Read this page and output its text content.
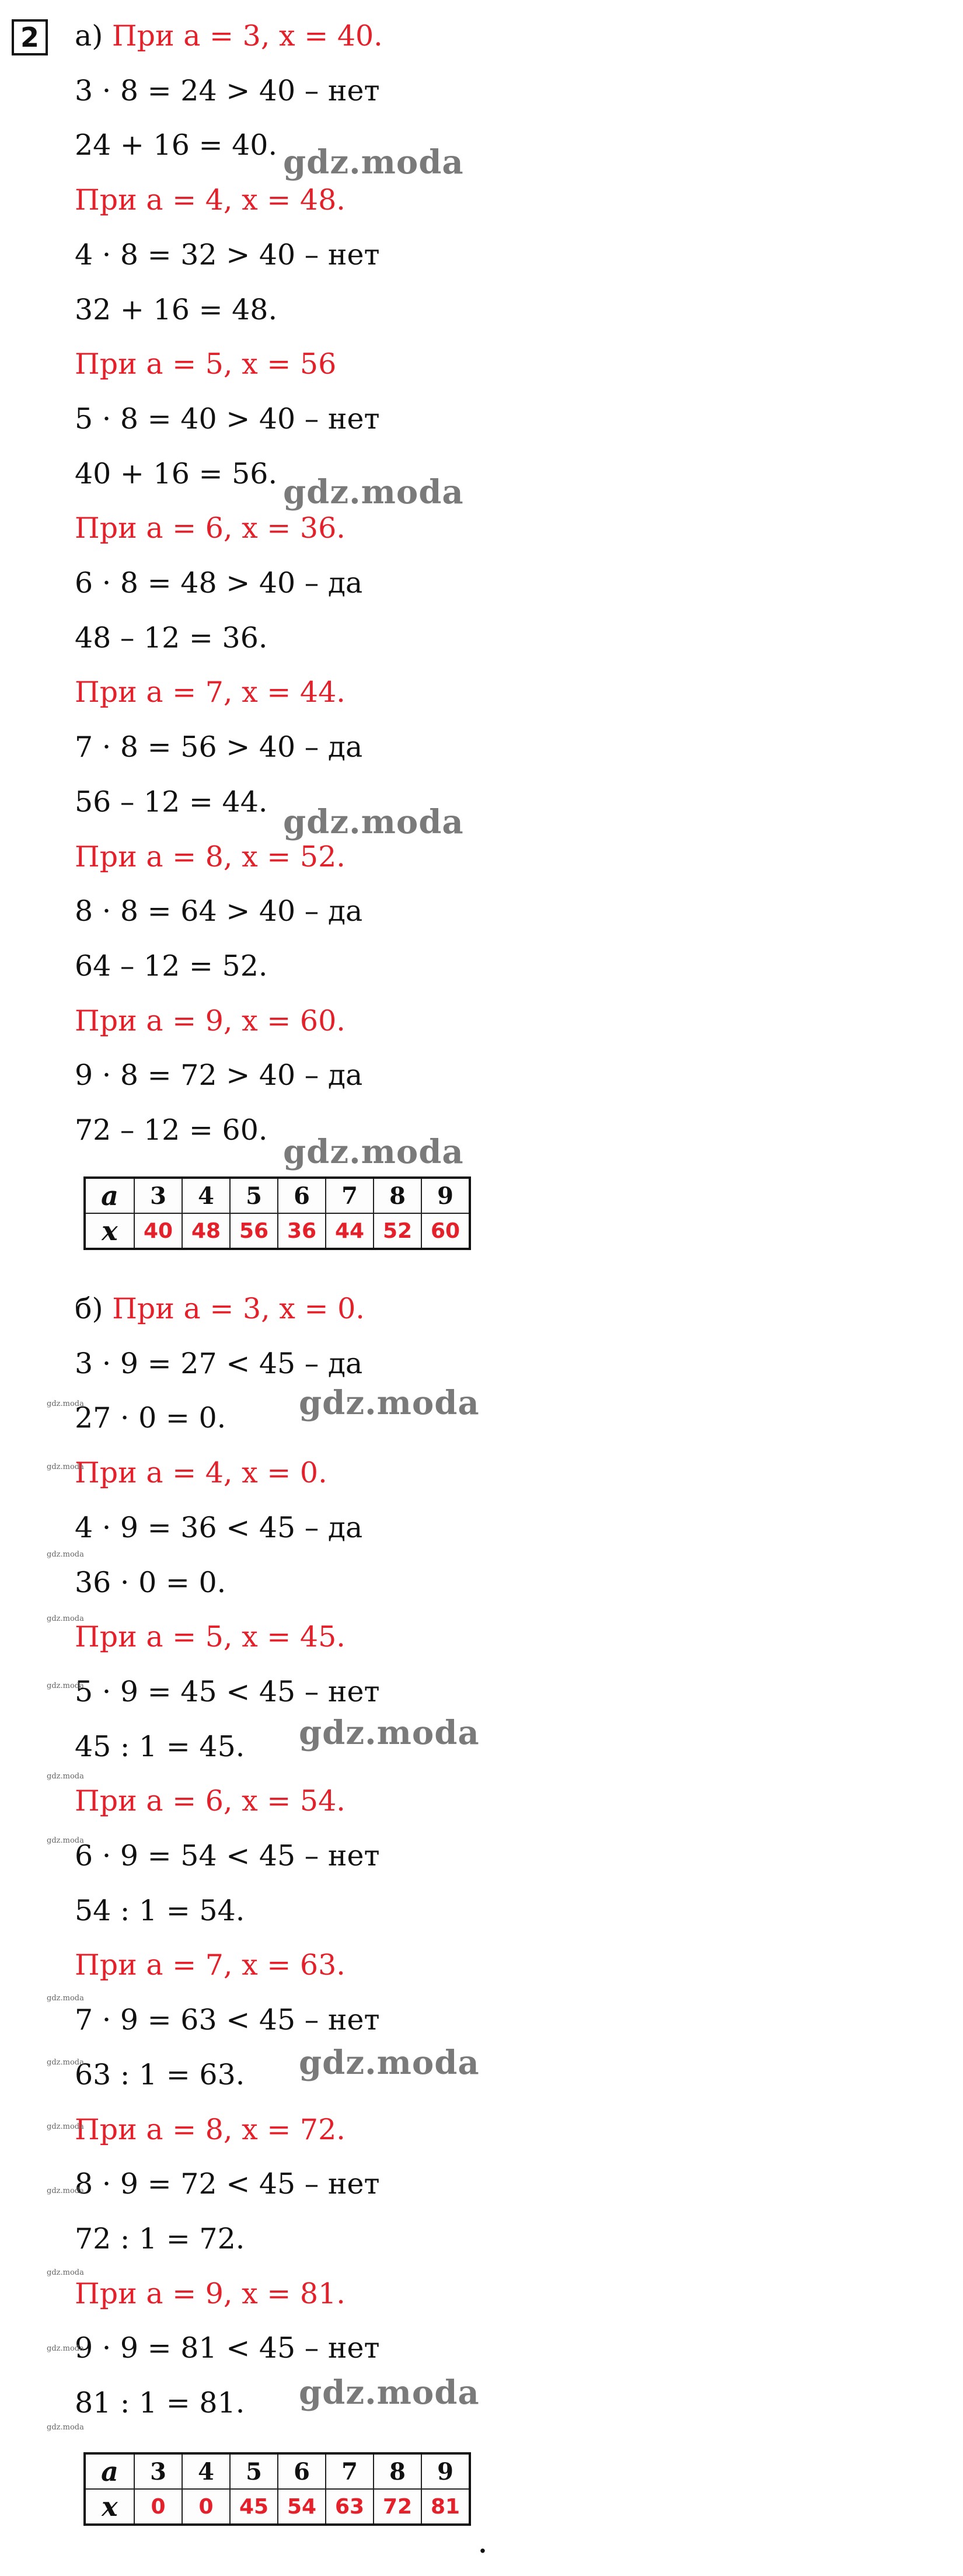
2	а) При a = 3, x = 40.
3 · 8 = 24 > 40 – нет
24 + 16 = 40.
При a = 4, x = 48.
4 · 8 = 32 > 40 – нет
32 + 16 = 48.
При a = 5, x = 56
5 · 8 = 40 > 40 – нет
40 + 16 = 56.
При a = 6, x = 36.
6 · 8 = 48 > 40 – да
48 – 12 = 36.
При a = 7, x = 44.
7 · 8 = 56 > 40 – да
56 – 12 = 44.
При a = 8, x = 52.
8 · 8 = 64 > 40 – да
64 – 12 = 52.
При a = 9, x = 60.
9 · 8 = 72 > 40 – да
72 – 12 = 60.
б) При a = 3, x = 0.
3 · 9 = 27 < 45 – да
27 · 0 = 0.
При a = 4, x = 0.
4 · 9 = 36 < 45 – да
36 · 0 = 0.
При a = 5, x = 45.
5 · 9 = 45 < 45 – нет
45 : 1 = 45.
При a = 6, x = 54.
6 · 9 = 54 < 45 – нет
54 : 1 = 54.
При a = 7, x = 63.
7 · 9 = 63 < 45 – нет
63 : 1 = 63.
При a = 8, x = 72.
8 · 9 = 72 < 45 – нет
72 : 1 = 72.
При a = 9, x = 81.
9 · 9 = 81 < 45 – нет
81 : 1 = 81.
a	3	4	5	6	7	8	9
x	40	48	56	36	44	52	60
a	3	4	5	6	7	8	9
x	0	0	45	54	63	72	81
.
gdz.moda
gdz.moda
gdz.moda
gdz.moda
gdz.moda
gdz.moda
gdz.moda
gdz.moda
gdz.moda
gdz.moda
gdz.moda
gdz.moda
gdz.moda
gdz.moda
gdz.moda
gdz.moda
gdz.moda
gdz.moda
gdz.moda
gdz.moda
gdz.moda
gdz.moda
